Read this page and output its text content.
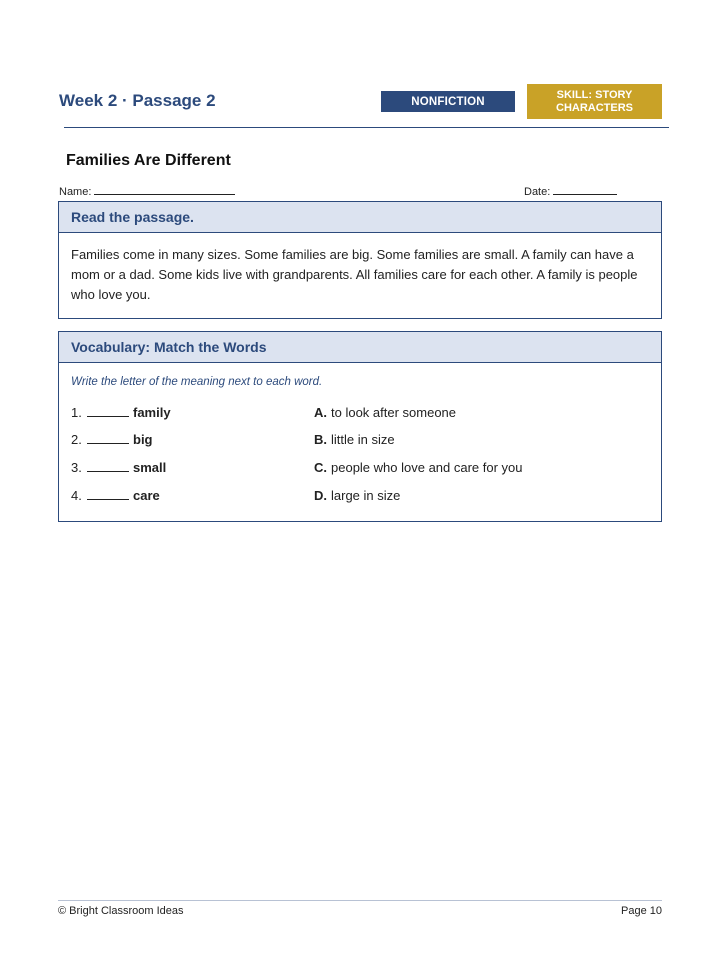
Week 2 · Passage 2	NONFICTION
SKILL: STORY CHARACTERS
Families Are Different
Name:	Date:
Read the passage.
Families come in many sizes. Some families are big. Some families are small. A family can have a mom or a dad. Some kids live with grandparents. All families care for each other. A family is people who love you.
Vocabulary: Match the Words
Write the letter of the meaning next to each word.
1.	family	A. to look after someone
2.	big	B. little in size
3.	small	C. people who love and care for you
4.	care	D. large in size
© Bright Classroom Ideas	Page 10
